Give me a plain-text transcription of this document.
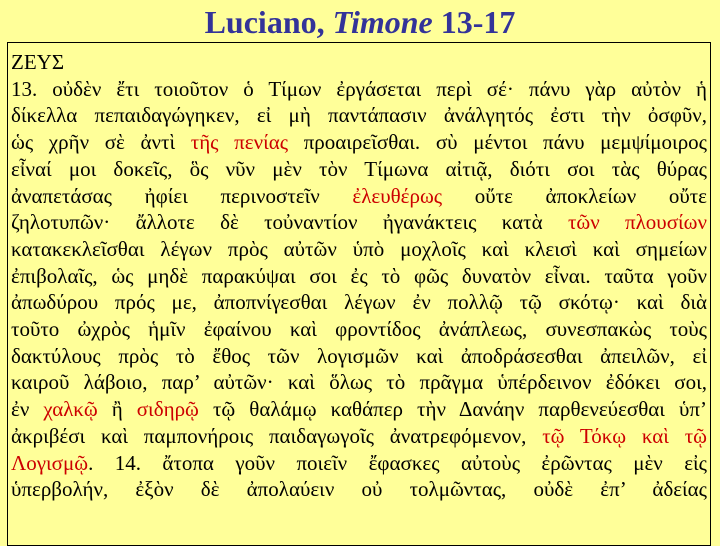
Luciano, Timone 13-17
ΖΕΥΣ
13. οὐδὲν ἔτι τοιοῦτον ὁ Τίμων ἐργάσεται περὶ σέ· πάνυ γὰρ αὐτὸν ἡ
δίκελλα πεπαιδαγώγηκεν, εἰ μὴ παντάπασιν ἀνάλγητός ἐστι τὴν ὀσφῦν,
ὡς χρῆν σὲ ἀντὶ τῆς πενίας προαιρεῖσθαι. σὺ μέντοι πάνυ μεμψίμοιρος
εἶναί μοι δοκεῖς, ὃς νῦν μὲν τὸν Τίμωνα αἰτιᾷ, διότι σοι τὰς θύρας
ἀναπετάσας ἠφίει περινοστεῖν ἐλευθέρως οὔτε ἀποκλείων οὔτε
ζηλοτυπῶν· ἄλλοτε δὲ τοὐναντίον ἠγανάκτεις κατὰ τῶν πλουσίων
κατακεκλεῖσθαι λέγων πρὸς αὐτῶν ὑπὸ μοχλοῖς καὶ κλεισὶ καὶ σημείων
ἐπιβολαῖς, ὡς μηδὲ παρακύψαι σοι ἐς τὸ φῶς δυνατὸν εἶναι. ταῦτα γοῦν
ἀπωδύρου πρός με, ἀποπνίγεσθαι λέγων ἐν πολλῷ τῷ σκότῳ· καὶ διὰ
τοῦτο ὠχρὸς ἡμῖν ἐφαίνου καὶ φροντίδος ἀνάπλεως, συνεσπακὼς τοὺς
δακτύλους πρὸς τὸ ἔθος τῶν λογισμῶν καὶ ἀποδράσεσθαι ἀπειλῶν, εἰ
καιροῦ λάβοιο, παρ’ αὐτῶν· καὶ ὅλως τὸ πρᾶγμα ὑπέρδεινον ἐδόκει σοι,
ἐν χαλκῷ ἢ σιδηρῷ τῷ θαλάμῳ καθάπερ τὴν Δανάην παρθενεύεσθαι ὑπ’
ἀκριβέσι καὶ παμπονήροις παιδαγωγοῖς ἀνατρεφόμενον, τῷ Τόκῳ καὶ τῷ
Λογισμῷ. 14. ἄτοπα γοῦν ποιεῖν ἔφασκες αὐτοὺς ἐρῶντας μὲν εἰς
ὑπερβολήν, ἐξὸν δὲ ἀπολαύειν οὐ τολμῶντας, οὐδὲ ἐπ’ ἀδείας
